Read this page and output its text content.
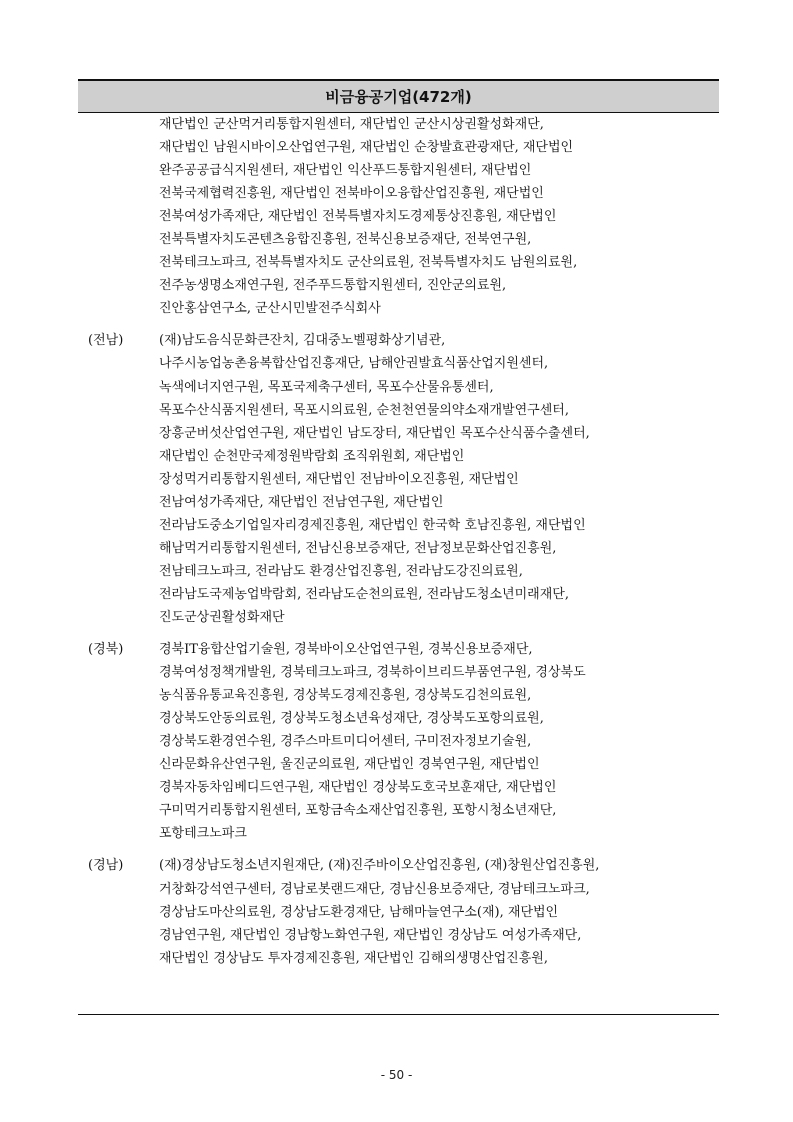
비금융공기업(472개)
재단법인 군산먹거리통합지원센터, 재단법인 군산시상권활성화재단,
재단법인 남원시바이오산업연구원, 재단법인 순창발효관광재단, 재단법인
완주공공급식지원센터, 재단법인 익산푸드통합지원센터, 재단법인
전북국제협력진흥원, 재단법인 전북바이오융합산업진흥원, 재단법인
전북여성가족재단, 재단법인 전북특별자치도경제통상진흥원, 재단법인
전북특별자치도콘텐츠융합진흥원, 전북신용보증재단, 전북연구원,
전북테크노파크, 전북특별자치도 군산의료원, 전북특별자치도 남원의료원,
전주농생명소재연구원, 전주푸드통합지원센터, 진안군의료원,
진안홍삼연구소, 군산시민발전주식회사
(전남)	(재)남도음식문화큰잔치, 김대중노벨평화상기념관,
나주시농업농촌융복합산업진흥재단, 남해안권발효식품산업지원센터,
녹색에너지연구원, 목포국제축구센터, 목포수산물유통센터,
목포수산식품지원센터, 목포시의료원, 순천천연물의약소재개발연구센터,
장흥군버섯산업연구원, 재단법인 남도장터, 재단법인 목포수산식품수출센터,
재단법인 순천만국제정원박람회 조직위원회, 재단법인
장성먹거리통합지원센터, 재단법인 전남바이오진흥원, 재단법인
전남여성가족재단, 재단법인 전남연구원, 재단법인
전라남도중소기업일자리경제진흥원, 재단법인 한국학 호남진흥원, 재단법인
해남먹거리통합지원센터, 전남신용보증재단, 전남정보문화산업진흥원,
전남테크노파크, 전라남도 환경산업진흥원, 전라남도강진의료원,
전라남도국제농업박람회, 전라남도순천의료원, 전라남도청소년미래재단,
진도군상권활성화재단
(경북)	경북IT융합산업기술원, 경북바이오산업연구원, 경북신용보증재단,
경북여성정책개발원, 경북테크노파크, 경북하이브리드부품연구원, 경상북도
농식품유통교육진흥원, 경상북도경제진흥원, 경상북도김천의료원,
경상북도안동의료원, 경상북도청소년육성재단, 경상북도포항의료원,
경상북도환경연수원, 경주스마트미디어센터, 구미전자정보기술원,
신라문화유산연구원, 울진군의료원, 재단법인 경북연구원, 재단법인
경북자동차임베디드연구원, 재단법인 경상북도호국보훈재단, 재단법인
구미먹거리통합지원센터, 포항금속소재산업진흥원, 포항시청소년재단,
포항테크노파크
(경남)	(재)경상남도청소년지원재단, (재)진주바이오산업진흥원, (재)창원산업진흥원,
거창화강석연구센터, 경남로봇랜드재단, 경남신용보증재단, 경남테크노파크,
경상남도마산의료원, 경상남도환경재단, 남해마늘연구소(재), 재단법인
경남연구원, 재단법인 경남항노화연구원, 재단법인 경상남도 여성가족재단,
재단법인 경상남도 투자경제진흥원, 재단법인 김해의생명산업진흥원,
- 50 -
